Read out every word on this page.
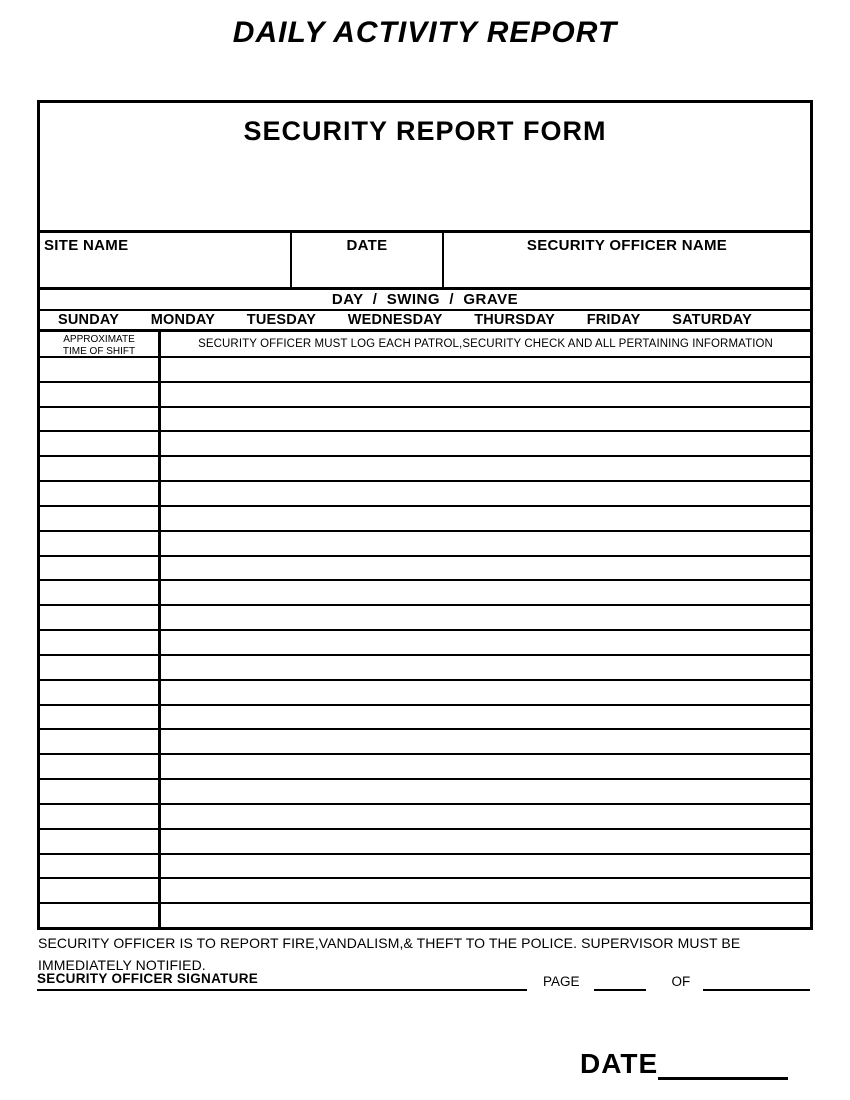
DAILY ACTIVITY REPORT
SECURITY REPORT FORM
SITE NAME	DATE	SECURITY OFFICER NAME
DAY  /  SWING  /  GRAVE
SUNDAY MONDAY TUESDAY WEDNESDAY THURSDAY FRIDAY SATURDAY
APPROXIMATE
TIME OF SHIFT
SECURITY OFFICER MUST LOG EACH PATROL,SECURITY CHECK AND ALL PERTAINING INFORMATION
SECURITY OFFICER IS TO REPORT FIRE,VANDALISM,& THEFT TO THE POLICE. SUPERVISOR MUST BE IMMEDIATELY NOTIFIED.
SECURITY OFFICER SIGNATURE	PAGE	OF
DATE
